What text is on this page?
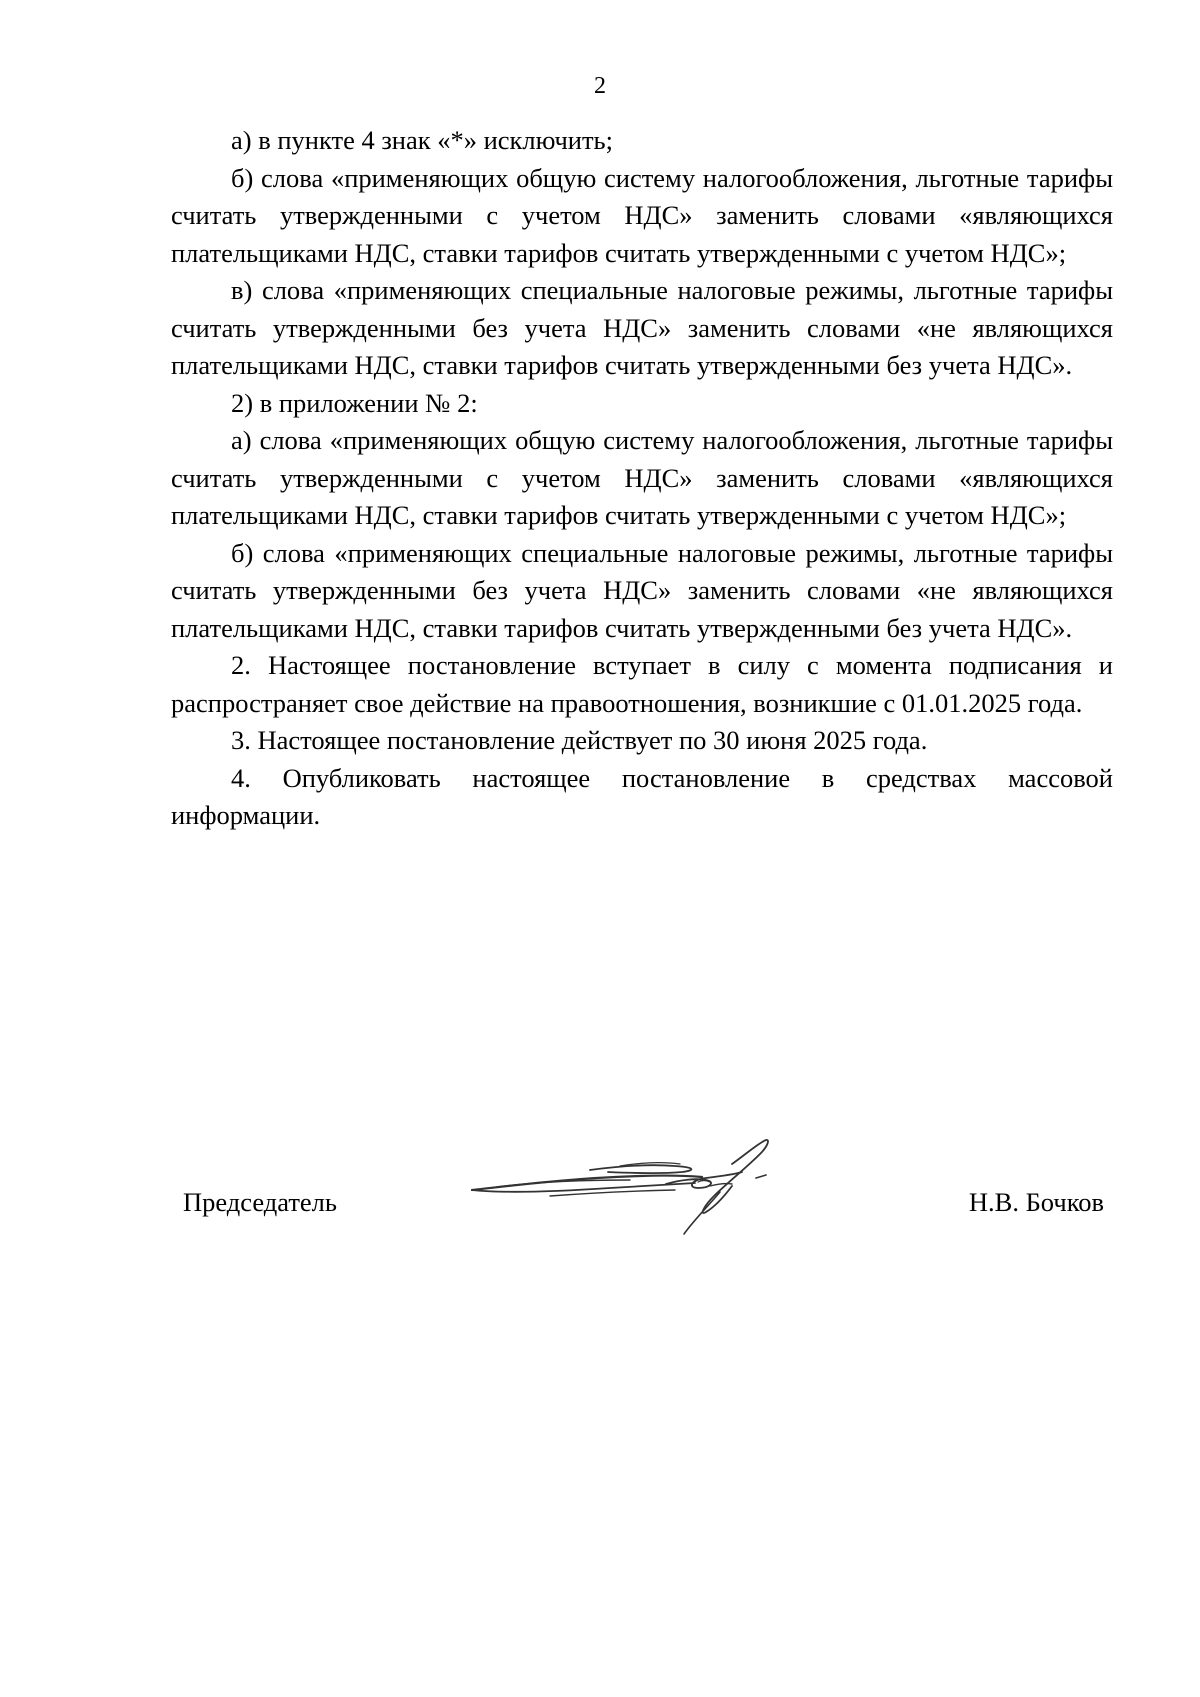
2

а) в пункте 4 знак «*» исключить;

б) слова «применяющих общую систему налогообложения, льготные тарифы считать утвержденными с учетом НДС» заменить словами «являющихся плательщиками НДС, ставки тарифов считать утвержденными с учетом НДС»;

в) слова «применяющих специальные налоговые режимы, льготные тарифы считать утвержденными без учета НДС» заменить словами «не являющихся плательщиками НДС, ставки тарифов считать утвержденными без учета НДС».

2) в приложении № 2:

а) слова «применяющих общую систему налогообложения, льготные тарифы считать утвержденными с учетом НДС» заменить словами «являющихся плательщиками НДС, ставки тарифов считать утвержденными с учетом НДС»;

б) слова «применяющих специальные налоговые режимы, льготные тарифы считать утвержденными без учета НДС» заменить словами «не являющихся плательщиками НДС, ставки тарифов считать утвержденными без учета НДС».

2. Настоящее постановление вступает в силу с момента подписания и распространяет свое действие на правоотношения, возникшие с 01.01.2025 года.

3. Настоящее постановление действует по 30 июня 2025 года.

4. Опубликовать настоящее постановление в средствах массовой информации.

Председатель	Н.В. Бочков
